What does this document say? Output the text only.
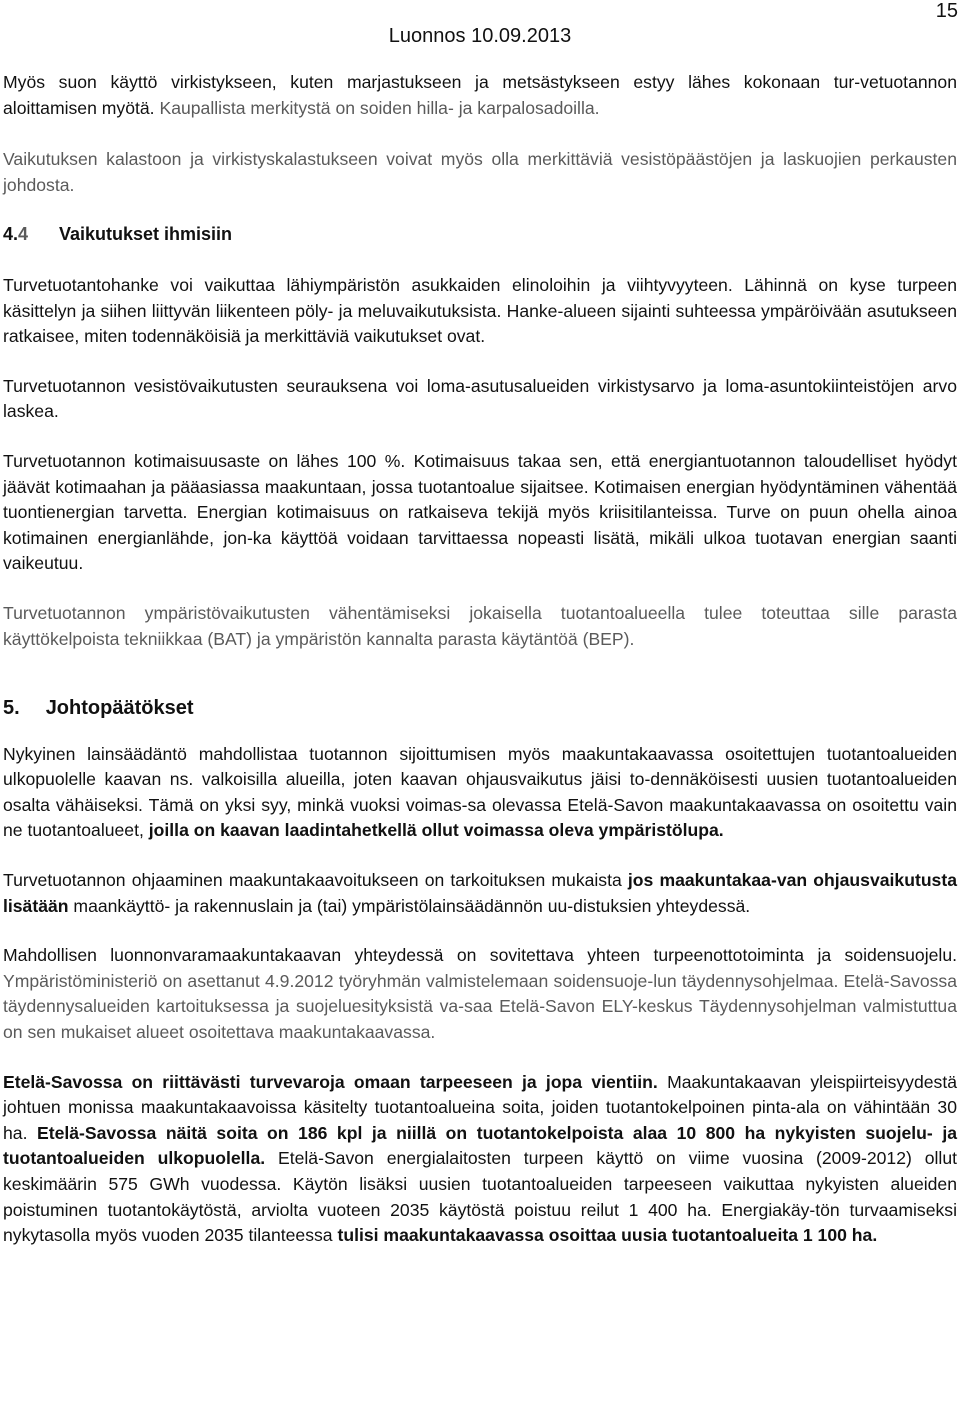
Luonnos 10.09.2013
15

Myös suon käyttö virkistykseen, kuten marjastukseen ja metsästykseen estyy lähes kokonaan tur-vetuotannon aloittamisen myötä. Kaupallista merkitystä on soiden hilla- ja karpalosadoilla.

Vaikutuksen kalastoon ja virkistyskalastukseen voivat myös olla merkittäviä vesistöpäästöjen ja laskuojien perkausten johdosta.

4.4	Vaikutukset ihmisiin

Turvetuotantohanke voi vaikuttaa lähiympäristön asukkaiden elinoloihin ja viihtyvyyteen. Lähinnä on kyse turpeen käsittelyn ja siihen liittyvän liikenteen pöly- ja meluvaikutuksista. Hanke-alueen sijainti suhteessa ympäröivään asutukseen ratkaisee, miten todennäköisiä ja merkittäviä vaikutukset ovat.

Turvetuotannon vesistövaikutusten seurauksena voi loma-asutusalueiden virkistysarvo ja loma-asuntokiinteistöjen arvo laskea.

Turvetuotannon kotimaisuusaste on lähes 100 %. Kotimaisuus takaa sen, että energiantuotannon taloudelliset hyödyt jäävät kotimaahan ja pääasiassa maakuntaan, jossa tuotantoalue sijaitsee. Kotimaisen energian hyödyntäminen vähentää tuontienergian tarvetta. Energian kotimaisuus on ratkaiseva tekijä myös kriisitilanteissa. Turve on puun ohella ainoa kotimainen energianlähde, jon-ka käyttöä voidaan tarvittaessa nopeasti lisätä, mikäli ulkoa tuotavan energian saanti vaikeutuu.

Turvetuotannon ympäristövaikutusten vähentämiseksi jokaisella tuotantoalueella tulee toteuttaa sille parasta käyttökelpoista tekniikkaa (BAT) ja ympäristön kannalta parasta käytäntöä (BEP).

5. Johtopäätökset

Nykyinen lainsäädäntö mahdollistaa tuotannon sijoittumisen myös maakuntakaavassa osoitettujen tuotantoalueiden ulkopuolelle kaavan ns. valkoisilla alueilla, joten kaavan ohjausvaikutus jäisi to-dennäköisesti uusien tuotantoalueiden osalta vähäiseksi. Tämä on yksi syy, minkä vuoksi voimas-sa olevassa Etelä-Savon maakuntakaavassa on osoitettu vain ne tuotantoalueet, joilla on kaavan laadintahetkellä ollut voimassa oleva ympäristölupa.

Turvetuotannon ohjaaminen maakuntakaavoitukseen on tarkoituksen mukaista jos maakuntakaa-van ohjausvaikutusta lisätään maankäyttö- ja rakennuslain ja (tai) ympäristölainsäädännön uu-distuksien yhteydessä.

Mahdollisen luonnonvaramaakuntakaavan yhteydessä on sovitettava yhteen turpeenottotoiminta ja soidensuojelu. Ympäristöministeriö on asettanut 4.9.2012 työryhmän valmistelemaan soidensuoje-lun täydennysohjelmaa. Etelä-Savossa täydennysalueiden kartoituksessa ja suojeluesityksistä va-saa Etelä-Savon ELY-keskus Täydennysohjelman valmistuttua on sen mukaiset alueet osoitettava maakuntakaavassa.

Etelä-Savossa on riittävästi turvevaroja omaan tarpeeseen ja jopa vientiin. Maakuntakaavan yleispiirteisyydestä johtuen monissa maakuntakaavoissa käsitelty tuotantoalueina soita, joiden tuotantokelpoinen pinta-ala on vähintään 30 ha. Etelä-Savossa näitä soita on 186 kpl ja niillä on tuotantokelpoista alaa 10 800 ha nykyisten suojelu- ja tuotantoalueiden ulkopuolella. Etelä-Savon energialaitosten turpeen käyttö on viime vuosina (2009-2012) ollut keskimäärin 575 GWh vuodessa. Käytön lisäksi uusien tuotantoalueiden tarpeeseen vaikuttaa nykyisten alueiden poistuminen tuotantokäytöstä, arviolta vuoteen 2035 käytöstä poistuu reilut 1 400 ha. Energiakäy-tön turvaamiseksi nykytasolla myös vuoden 2035 tilanteessa tulisi maakuntakaavassa osoittaa uusia tuotantoalueita 1 100 ha.
